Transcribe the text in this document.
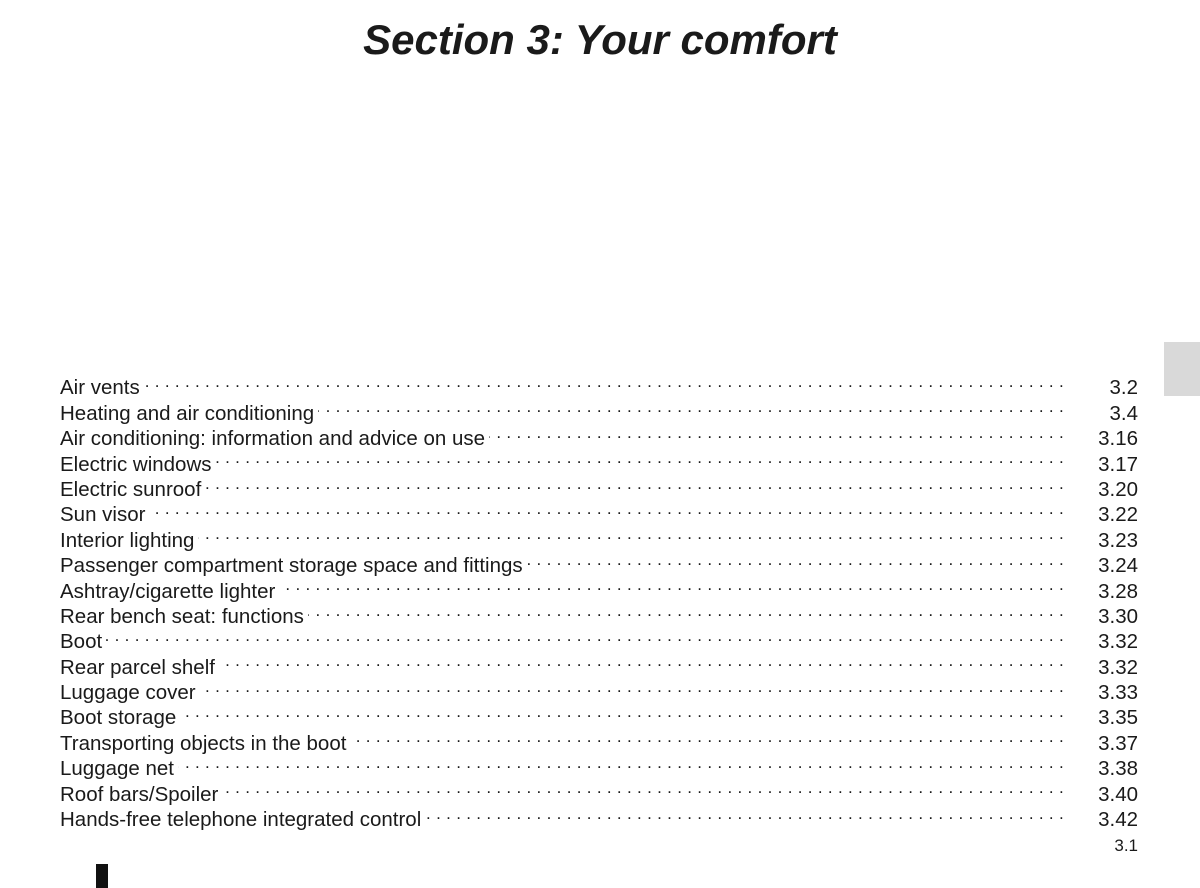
Section 3: Your comfort
Air vents . . .	3.2
Heating and air conditioning . . .	3.4
Air conditioning: information and advice on use . . .	3.16
Electric windows . . .	3.17
Electric sunroof . . .	3.20
Sun visor . . .	3.22
Interior lighting . . .	3.23
Passenger compartment storage space and fittings . . .	3.24
Ashtray/cigarette lighter . . .	3.28
Rear bench seat: functions . . .	3.30
Boot . . .	3.32
Rear parcel shelf . . .	3.32
Luggage cover . . .	3.33
Boot storage . . .	3.35
Transporting objects in the boot . . .	3.37
Luggage net . . .	3.38
Roof bars/Spoiler . . .	3.40
Hands-free telephone integrated control . . .	3.42
3.1
